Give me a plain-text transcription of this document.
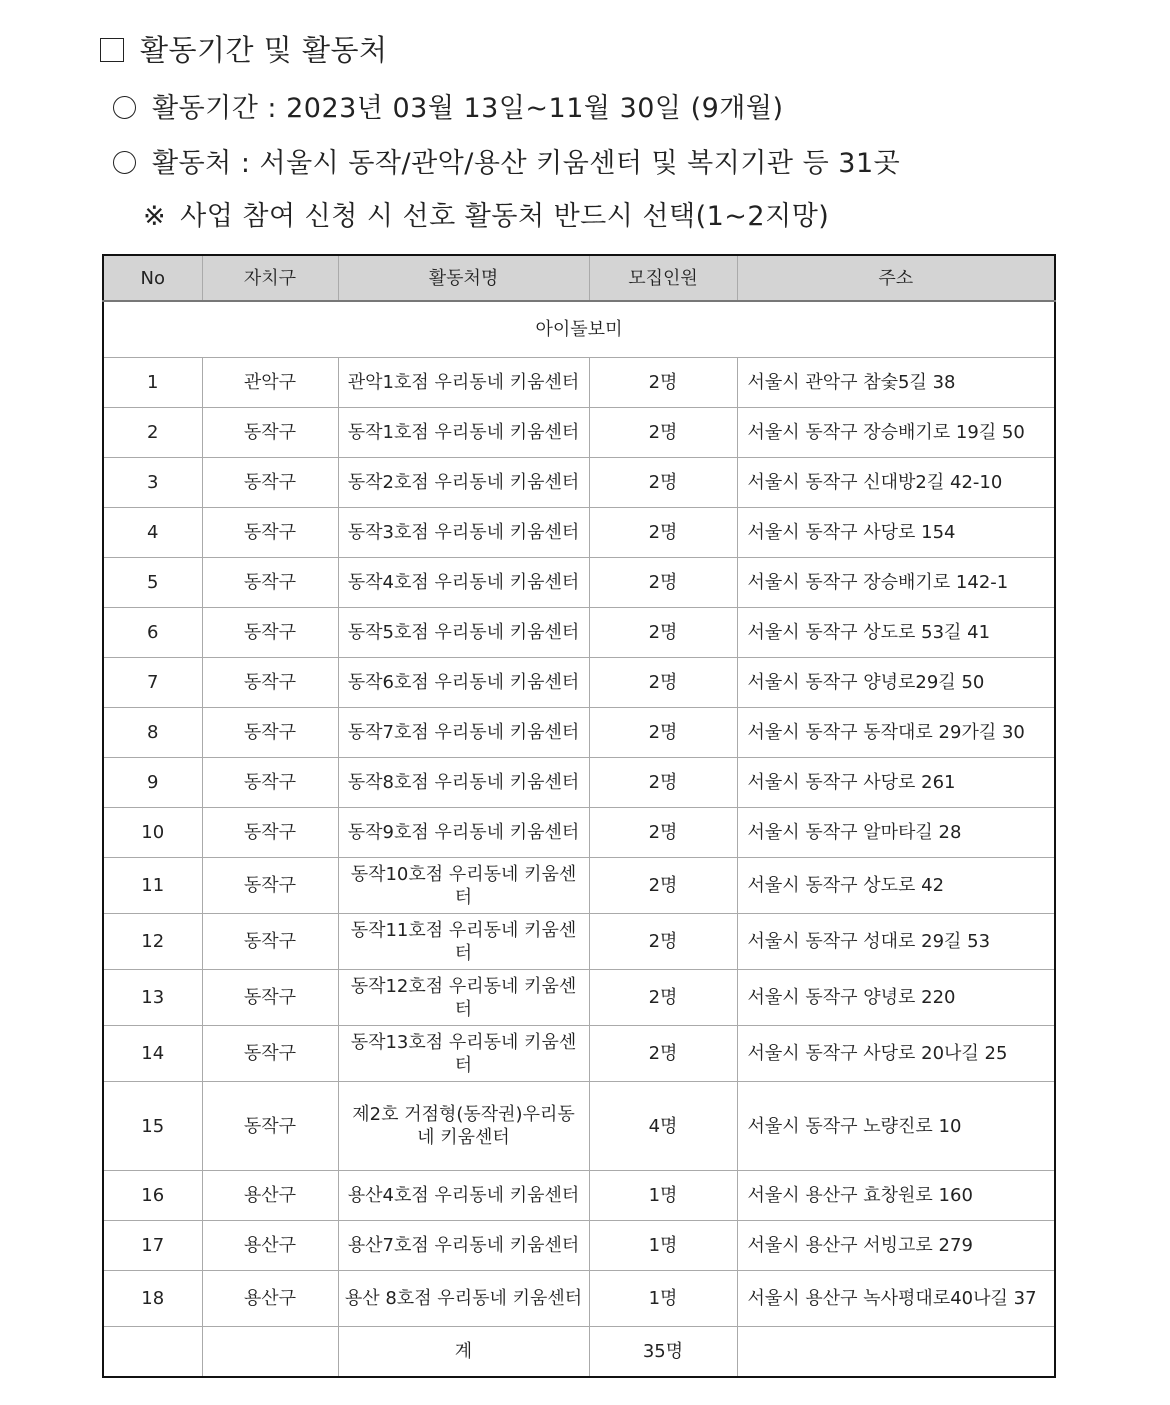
활동기간 및 활동처
활동기간 : 2023년 03월 13일~11월 30일 (9개월)
활동처 : 서울시 동작/관악/용산 키움센터 및 복지기관 등 31곳
※ 사업 참여 신청 시 선호 활동처 반드시 선택(1~2지망)
No	자치구	활동처명	모집인원	주소
아이돌보미				
1	관악구	관악1호점 우리동네 키움센터	2명	서울시 관악구 참숯5길 38
2	동작구	동작1호점 우리동네 키움센터	2명	서울시 동작구 장승배기로 19길 50
3	동작구	동작2호점 우리동네 키움센터	2명	서울시 동작구 신대방2길 42-10
4	동작구	동작3호점 우리동네 키움센터	2명	서울시 동작구 사당로 154
5	동작구	동작4호점 우리동네 키움센터	2명	서울시 동작구 장승배기로 142-1
6	동작구	동작5호점 우리동네 키움센터	2명	서울시 동작구 상도로 53길 41
7	동작구	동작6호점 우리동네 키움센터	2명	서울시 동작구 양녕로29길 50
8	동작구	동작7호점 우리동네 키움센터	2명	서울시 동작구 동작대로 29가길 30
9	동작구	동작8호점 우리동네 키움센터	2명	서울시 동작구 사당로 261
10	동작구	동작9호점 우리동네 키움센터	2명	서울시 동작구 알마타길 28
11	동작구	동작10호점 우리동네 키움센터	2명	서울시 동작구 상도로 42
12	동작구	동작11호점 우리동네 키움센터	2명	서울시 동작구 성대로 29길 53
13	동작구	동작12호점 우리동네 키움센터	2명	서울시 동작구 양녕로 220
14	동작구	동작13호점 우리동네 키움센터	2명	서울시 동작구 사당로 20나길 25
15	동작구	제2호 거점형(동작권)우리동네 키움센터	4명	서울시 동작구 노량진로 10
16	용산구	용산4호점 우리동네 키움센터	1명	서울시 용산구 효창원로 160
17	용산구	용산7호점 우리동네 키움센터	1명	서울시 용산구 서빙고로 279
18	용산구	용산 8호점 우리동네 키움센터	1명	서울시 용산구 녹사평대로40나길 37
		계	35명	
